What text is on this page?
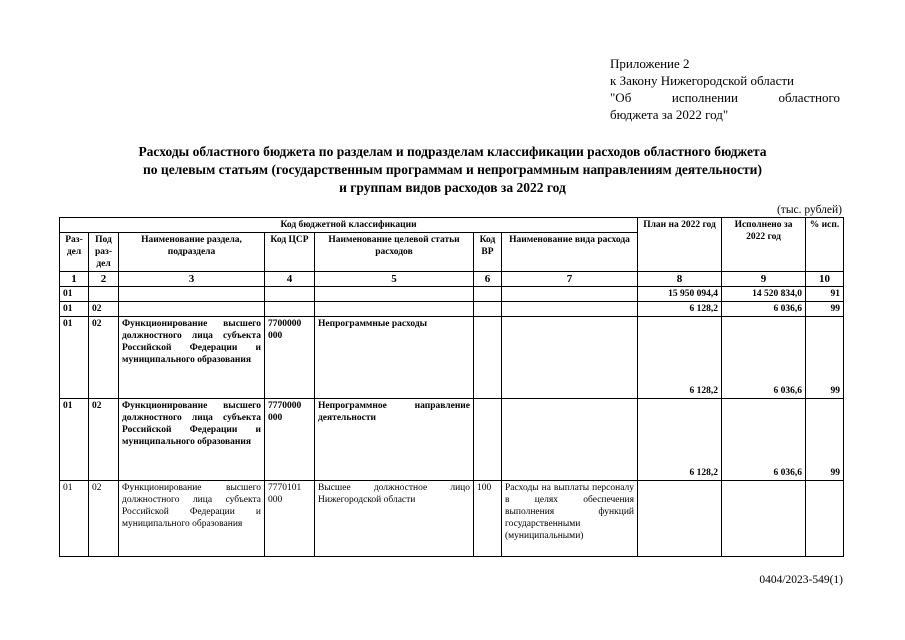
Приложение 2
к Закону Нижегородской области
"Об	исполнении	областного
бюджета за 2022 год"
Расходы областного бюджета по разделам и подразделам классификации расходов областного бюджета
по целевым статьям (государственным программам и непрограммным направлениям деятельности)
и группам видов расходов за 2022 год
(тыс. рублей)
Код бюджетной классификации							План на 2022 год	Исполнено за 2022 год	% исп.
Раз-дел	Под раз-дел	Наименование раздела, подраздела	Код ЦСР	Наименование целевой статьи расходов	Код ВР	Наименование вида расхода			
1	2	3	4	5	6	7	8	9	10
01							15 950 094,4	14 520 834,0	91
01	02						6 128,2	6 036,6	99
01	02	Функционирование высшего должностного лица субъекта Российской Федерации и муниципального образования	7700000 000	Непрограммные расходы			6 128,2	6 036,6	99
01	02	Функционирование высшего должностного лица субъекта Российской Федерации и муниципального образования	7770000 000	Непрограммное направление деятельности			6 128,2	6 036,6	99
01	02	Функционирование высшего должностного лица субъекта Российской Федерации и муниципального образования	7770101 000	Высшее должностное лицо Нижегородской области	100	Расходы на выплаты персоналу в целях обеспечения выполнения функций государственными (муниципальными)			
0404/2023-549(1)
